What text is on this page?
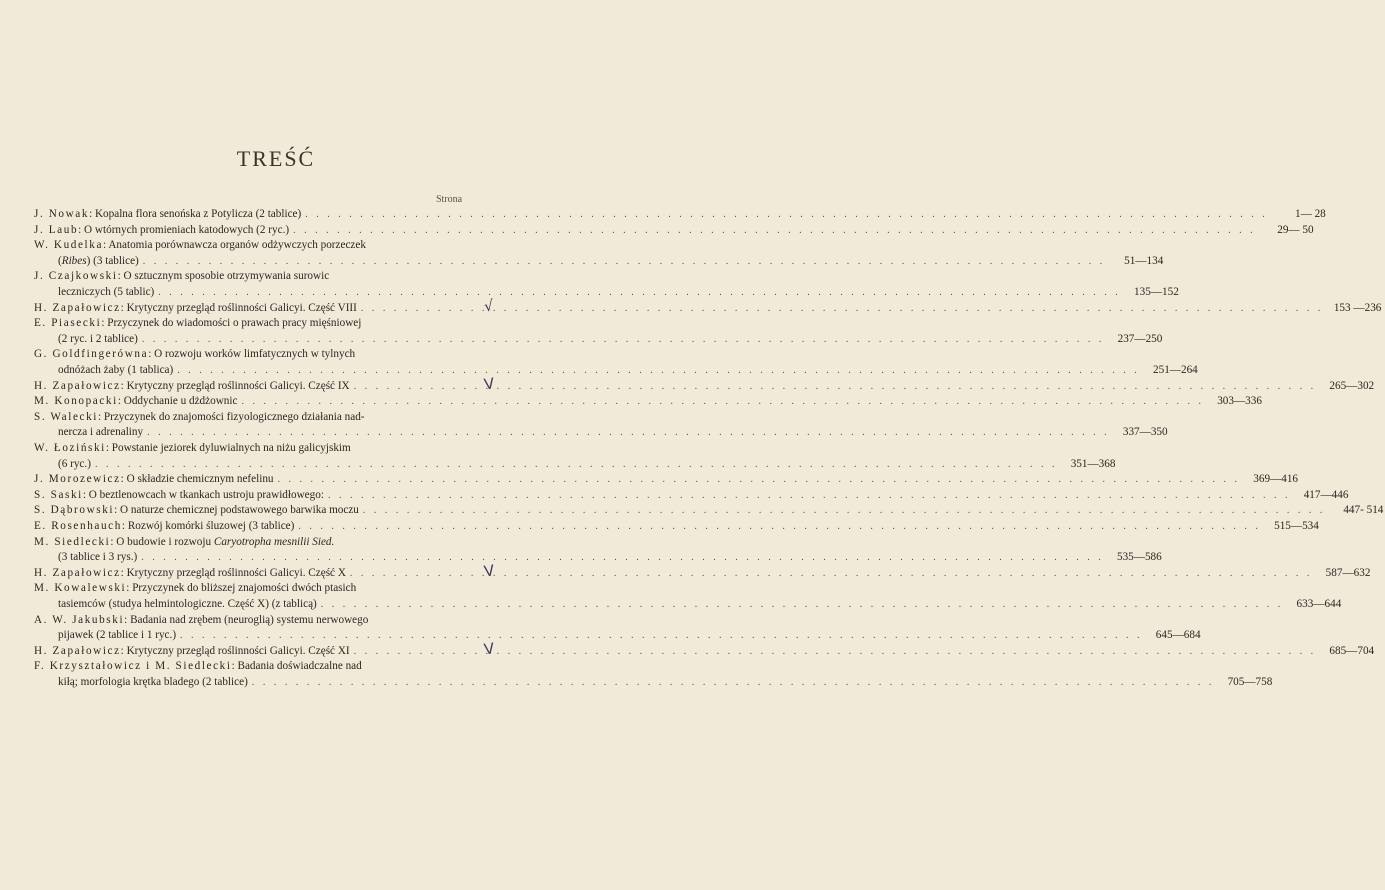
TREŚĆ
Strona
J. Nowak: Kopalna flora senońska z Potylicza (2 tablice) . . .	1— 28
J. Laub: O wtórnych promieniach katodowych (2 ryc.) . . .	29— 50
W. Kudelka: Anatomia porównawcza organów odżywczych porzeczek
(Ribes) (3 tablice) . . .	51—134
J. Czajkowski: O sztucznym sposobie otrzymywania surowic
leczniczych (5 tablic) . . .	135—152
H. Zapałowicz: Krytyczny przegląd roślinności Galicyi. Część VIII . . .	153 —236
E. Piasecki: Przyczynek do wiadomości o prawach pracy mięśniowej
(2 ryc. i 2 tablice) . . .	237—250
G. Goldfingerówna: O rozwoju worków limfatycznych w tylnych
odnóżach żaby (1 tablica) . . .	251—264
H. Zapałowicz: Krytyczny przegląd roślinności Galicyi. Część IX . . .	265—302
M. Konopacki: Oddychanie u dżdżownic . . .	303—336
S. Walecki: Przyczynek do znajomości fizyologicznego działania nad-
nercza i adrenaliny . . .	337—350
W. Łoziński: Powstanie jeziorek dyluwialnych na niżu galicyjskim
(6 ryc.) . . .	351—368
J. Morozewicz: O składzie chemicznym nefelinu . . .	369—416
S. Saski: O beztlenowcach w tkankach ustroju prawidłowego: . . .	417—446
S. Dąbrowski: O naturze chemicznej podstawowego barwika moczu . . .	447- 514
E. Rosenhauch: Rozwój komórki śluzowej (3 tablice) . . .	515—534
M. Siedlecki: O budowie i rozwoju Caryotropha mesnilii Sied.
(3 tablice i 3 rys.) . . .	535—586
H. Zapałowicz: Krytyczny przegląd roślinności Galicyi. Część X . . .	587—632
M. Kowalewski: Przyczynek do bliższej znajomości dwóch ptasich
tasiemców (studya helmintologiczne. Część X) (z tablicą) . . .	633—644
A. W. Jakubski: Badania nad zrębem (neuroglią) systemu nerwowego
pijawek (2 tablice i 1 ryc.) . . .	645—684
H. Zapałowicz: Krytyczny przegląd roślinności Galicyi. Część XI . . .	685—704
F. Krzyształowicz i M. Siedlecki: Badania doświadczalne nad
kiłą; morfologia krętka bladego (2 tablice) . . .	705—758
√
V
V
V
